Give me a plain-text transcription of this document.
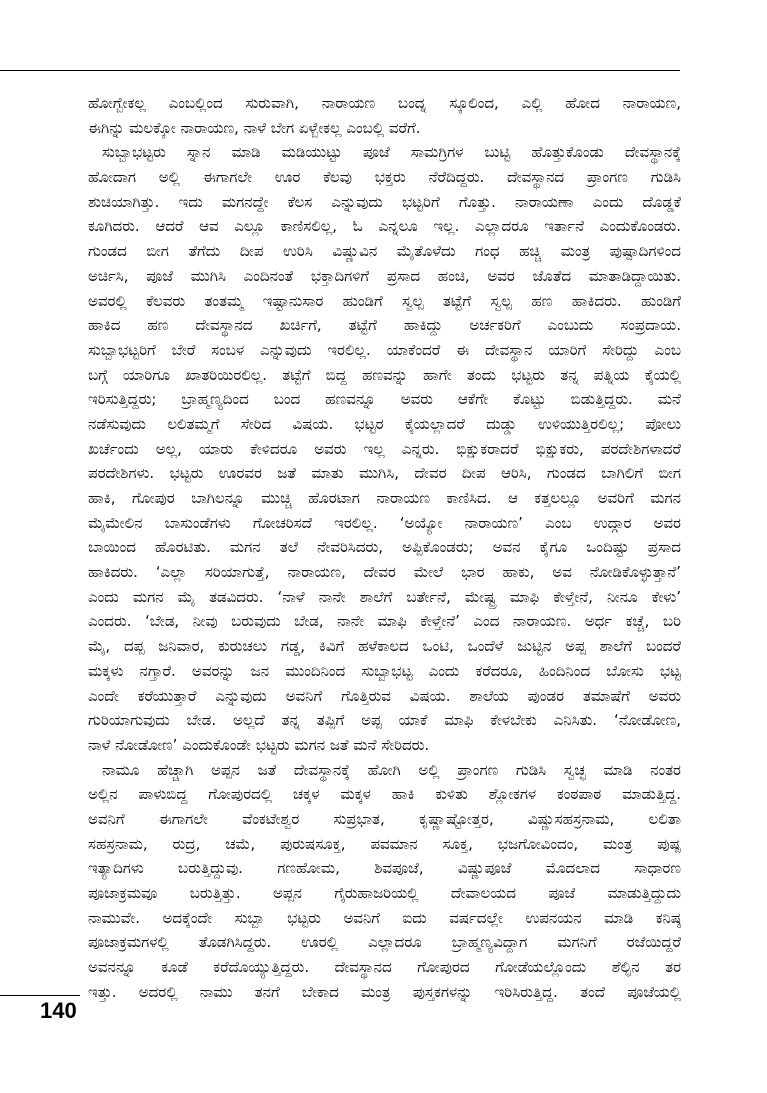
ಹೋಗ್ಬೇಕಲ್ಲ ಎಂಬಲ್ಲಿಂದ ಸುರುವಾಗಿ, ನಾರಾಯಣ ಬಂದ್ನ ಸ್ಕೂಲಿಂದ, ಎಲ್ಲಿ ಹೋದ ನಾರಾಯಣ,
ಈಗಿನ್ನು ಮಲಕ್ಕೋ ನಾರಾಯಣ, ನಾಳೆ ಬೇಗ ಏಳ್ಬೇಕಲ್ಲ ಎಂಬಲ್ಲಿ ವರೆಗೆ.
ಸುಬ್ಬಾಭಟ್ಟರು ಸ್ನಾನ ಮಾಡಿ ಮಡಿಯುಟ್ಟು ಪೂಜೆ ಸಾಮಗ್ರಿಗಳ ಬುಟ್ಟಿ ಹೊತ್ತುಕೊಂಡು ದೇವಸ್ಥಾನಕ್ಕೆ
ಹೋದಾಗ ಅಲ್ಲಿ ಈಗಾಗಲೇ ಊರ ಕೆಲವು ಭಕ್ತರು ನೆರೆದಿದ್ದರು. ದೇವಸ್ಥಾನದ ಪ್ರಾಂಗಣ ಗುಡಿಸಿ
ಶುಚಿಯಾಗಿತ್ತು. ಇದು ಮಗನದ್ದೇ ಕೆಲಸ ಎನ್ನುವುದು ಭಟ್ಟರಿಗೆ ಗೊತ್ತು. ನಾರಾಯಣಾ ಎಂದು ದೊಡ್ಡಕೆ
ಕೂಗಿದರು. ಆದರೆ ಆವ ಎಲ್ಲೂ ಕಾಣಿಸಲಿಲ್ಲ, ಓ ಎನ್ನಲೂ ಇಲ್ಲ. ಎಲ್ಲಾದರೂ ಇರ್ತಾನೆ ಎಂದುಕೊಂಡರು.
ಗುಂಡದ ಬೀಗ ತೆಗೆದು ದೀಪ ಉರಿಸಿ ವಿಷ್ಣುವಿನ ಮೈತೊಳೆದು ಗಂಧ ಹಚ್ಚಿ ಮಂತ್ರ ಪುಷ್ಪಾದಿಗಳಿಂದ
ಅರ್ಚಿಸಿ, ಪೂಜೆ ಮುಗಿಸಿ ಎಂದಿನಂತೆ ಭಕ್ತಾದಿಗಳಿಗೆ ಪ್ರಸಾದ ಹಂಚಿ, ಅವರ ಜೊತೆದ ಮಾತಾಡಿದ್ದಾಯಿತು.
ಅವರಲ್ಲಿ ಕೆಲವರು ತಂತಮ್ಮ ಇಷ್ಟಾನುಸಾರ ಹುಂಡಿಗೆ ಸ್ವಲ್ಪ ತಟ್ಟೆಗೆ ಸ್ವಲ್ಪ ಹಣ ಹಾಕಿದರು. ಹುಂಡಿಗೆ
ಹಾಕಿದ ಹಣ ದೇವಸ್ಥಾನದ ಖರ್ಚಿಗೆ, ತಟ್ಟೆಗೆ ಹಾಕಿದ್ದು ಅರ್ಚಕರಿಗೆ ಎಂಬುದು ಸಂಪ್ರದಾಯ.
ಸುಬ್ಬಾಭಟ್ಟರಿಗೆ ಬೇರೆ ಸಂಬಳ ಎನ್ನುವುದು ಇರಲಿಲ್ಲ. ಯಾಕೆಂದರೆ ಈ ದೇವಸ್ಥಾನ ಯಾರಿಗೆ ಸೇರಿದ್ದು ಎಂಬ
ಬಗ್ಗೆ ಯಾರಿಗೂ ಖಾತರಿಯಿರಲಿಲ್ಲ. ತಟ್ಟೆಗೆ ಬಿದ್ದ ಹಣವನ್ನು ಹಾಗೇ ತಂದು ಭಟ್ಟರು ತನ್ನ ಪತ್ನಿಯ ಕೈಯಲ್ಲಿ
ಇರಿಸುತ್ತಿದ್ದರು; ಬ್ರಾಹ್ಮಣ್ಯದಿಂದ ಬಂದ ಹಣವನ್ನೂ ಅವರು ಆಕೆಗೇ ಕೊಟ್ಟು ಬಿಡುತ್ತಿದ್ದರು. ಮನೆ
ನಡೆಸುವುದು ಲಲಿತಮ್ಮಗೆ ಸೇರಿದ ವಿಷಯ. ಭಟ್ಟರ ಕೈಯಲ್ಲಾದರೆ ದುಡ್ಡು ಉಳಿಯುತ್ತಿರಲಿಲ್ಲ; ಪೋಲು
ಖರ್ಚೆಂದು ಅಲ್ಲ, ಯಾರು ಕೇಳಿದರೂ ಅವರು ಇಲ್ಲ ಎನ್ನರು. ಭಿಕ್ಷುಕರಾದರೆ ಭಿಕ್ಷುಕರು, ಪರದೇಶಿಗಳಾದರೆ
ಪರದೇಶಿಗಳು. ಭಟ್ಟರು ಊರವರ ಜತೆ ಮಾತು ಮುಗಿಸಿ, ದೇವರ ದೀಪ ಆರಿಸಿ, ಗುಂಡದ ಬಾಗಿಲಿಗೆ ಬೀಗ
ಹಾಕಿ, ಗೋಪುರ ಬಾಗಿಲನ್ನೂ ಮುಚ್ಚಿ ಹೊರಟಾಗ ನಾರಾಯಣ ಕಾಣಿಸಿದ. ಆ ಕತ್ತಲಲ್ಲೂ ಅವರಿಗೆ ಮಗನ
ಮೈಮೇಲಿನ ಬಾಸುಂಡೆಗಳು ಗೋಚರಿಸದೆ ಇರಲಿಲ್ಲ. ‘ಅಯ್ಯೋ ನಾರಾಯಣ’ ಎಂಬ ಉದ್ಗಾರ ಅವರ
ಬಾಯಿಂದ ಹೊರಟಿತು. ಮಗನ ತಲೆ ನೇವರಿಸಿದರು, ಅಪ್ಪಿಕೊಂಡರು; ಅವನ ಕೈಗೂ ಒಂದಿಷ್ಟು ಪ್ರಸಾದ
ಹಾಕಿದರು. ‘ಎಲ್ಲಾ ಸರಿಯಾಗುತ್ತೆ, ನಾರಾಯಣ, ದೇವರ ಮೇಲೆ ಭಾರ ಹಾಕು, ಅವ ನೋಡಿಕೊಳ್ಳುತ್ತಾನೆ’
ಎಂದು ಮಗನ ಮೈ ತಡವಿದರು. ‘ನಾಳೆ ನಾನೇ ಶಾಲೆಗೆ ಬರ್ತೇನೆ, ಮೇಷ್ಟ್ರ ಮಾಫಿ ಕೇಳ್ತೇನೆ, ನೀನೂ ಕೇಳು’
ಎಂದರು. ‘ಬೇಡ, ನೀವು ಬರುವುದು ಬೇಡ, ನಾನೇ ಮಾಫಿ ಕೇಳ್ತೇನೆ’ ಎಂದ ನಾರಾಯಣ. ಅರ್ಧ ಕಚ್ಚೆ, ಬರಿ
ಮೈ, ದಪ್ಪ ಜನಿವಾರ, ಕುರುಚಲು ಗಡ್ಡ, ಕಿವಿಗೆ ಹಳೆಕಾಲದ ಒಂಟಿ, ಒಂದೆಳೆ ಜುಟ್ಟಿನ ಅಪ್ಪ ಶಾಲೆಗೆ ಬಂದರೆ
ಮಕ್ಕಳು ನಗ್ತಾರೆ. ಅವರನ್ನು ಜನ ಮುಂದಿನಿಂದ ಸುಬ್ಬಾಭಟ್ಟ ಎಂದು ಕರೆದರೂ, ಹಿಂದಿನಿಂದ ಬೋಸು ಭಟ್ಟ
ಎಂದೇ ಕರೆಯುತ್ತಾರೆ ಎನ್ನುವುದು ಅವನಿಗೆ ಗೊತ್ತಿರುವ ವಿಷಯ. ಶಾಲೆಯ ಪುಂಡರ ತಮಾಷೆಗೆ ಅವರು
ಗುರಿಯಾಗುವುದು ಬೇಡ. ಅಲ್ಲದೆ ತನ್ನ ತಪ್ಪಿಗೆ ಅಪ್ಪ ಯಾಕೆ ಮಾಫಿ ಕೇಳಬೇಕು ಎನಿಸಿತು. ‘ನೋಡೋಣ,
ನಾಳೆ ನೋಡೋಣ’ ಎಂದುಕೊಂಡೇ ಭಟ್ಟರು ಮಗನ ಜತೆ ಮನೆ ಸೇರಿದರು.
ನಾಮೂ ಹೆಚ್ಚಾಗಿ ಅಪ್ಪನ ಜತೆ ದೇವಸ್ಥಾನಕ್ಕೆ ಹೋಗಿ ಅಲ್ಲಿ ಪ್ರಾಂಗಣ ಗುಡಿಸಿ ಸ್ವಚ್ಛ ಮಾಡಿ ನಂತರ
ಅಲ್ಲಿನ ಪಾಳುಬಿದ್ದ ಗೋಪುರದಲ್ಲಿ ಚಕ್ಕಳ ಮಕ್ಕಳ ಹಾಕಿ ಕುಳಿತು ಶ್ಲೋಕಗಳ ಕಂಠಪಾಠ ಮಾಡುತ್ತಿದ್ದ.
ಅವನಿಗೆ ಈಗಾಗಲೇ ವೆಂಕಟೇಶ್ವರ ಸುಪ್ರಭಾತ, ಕೃಷ್ಣಾಷ್ಟೋತ್ತರ, ವಿಷ್ಣುಸಹಸ್ರನಾಮ, ಲಲಿತಾ
ಸಹಸ್ರನಾಮ, ರುದ್ರ, ಚಮೆ, ಪುರುಷಸೂಕ್ತ, ಪವಮಾನ ಸೂಕ್ತ, ಭಜಗೋವಿಂದಂ, ಮಂತ್ರ ಪುಷ್ಪ
ಇತ್ಯಾದಿಗಳು ಬರುತ್ತಿದ್ದುವು. ಗಣಹೋಮ, ಶಿವಪೂಜೆ, ವಿಷ್ಣುಪೂಜೆ ಮೊದಲಾದ ಸಾಧಾರಣ
ಪೂಜಾಕ್ರಮವೂ ಬರುತ್ತಿತ್ತು. ಅಪ್ಪನ ಗೈರುಹಾಜರಿಯಲ್ಲಿ ದೇವಾಲಯದ ಪೂಜೆ ಮಾಡುತ್ತಿದ್ದುದು
ನಾಮುವೇ. ಅದಕ್ಕೆಂದೇ ಸುಬ್ಬಾ ಭಟ್ಟರು ಅವನಿಗೆ ಐದು ವರ್ಷದಲ್ಲೇ ಉಪನಯನ ಮಾಡಿ ಕನಿಷ್ಠ
ಪೂಜಾಕ್ರಮಗಳಲ್ಲಿ ತೊಡಗಿಸಿದ್ದರು. ಊರಲ್ಲಿ ಎಲ್ಲಾದರೂ ಬ್ರಾಹ್ಮಣ್ಯವಿದ್ದಾಗ ಮಗನಿಗೆ ರಜೆಯಿದ್ದರೆ
ಅವನನ್ನೂ ಕೂಡೆ ಕರೆದೊಯ್ಯುತ್ತಿದ್ದರು. ದೇವಸ್ಥಾನದ ಗೋಪುರದ ಗೋಡೆಯಲ್ಲೊಂದು ಶೆಲ್ಫಿನ ತರ
ಇತ್ತು. ಅದರಲ್ಲಿ ನಾಮು ತನಗೆ ಬೇಕಾದ ಮಂತ್ರ ಪುಸ್ತಕಗಳನ್ನು ಇರಿಸಿರುತ್ತಿದ್ದ. ತಂದೆ ಪೂಜೆಯಲ್ಲಿ
140
